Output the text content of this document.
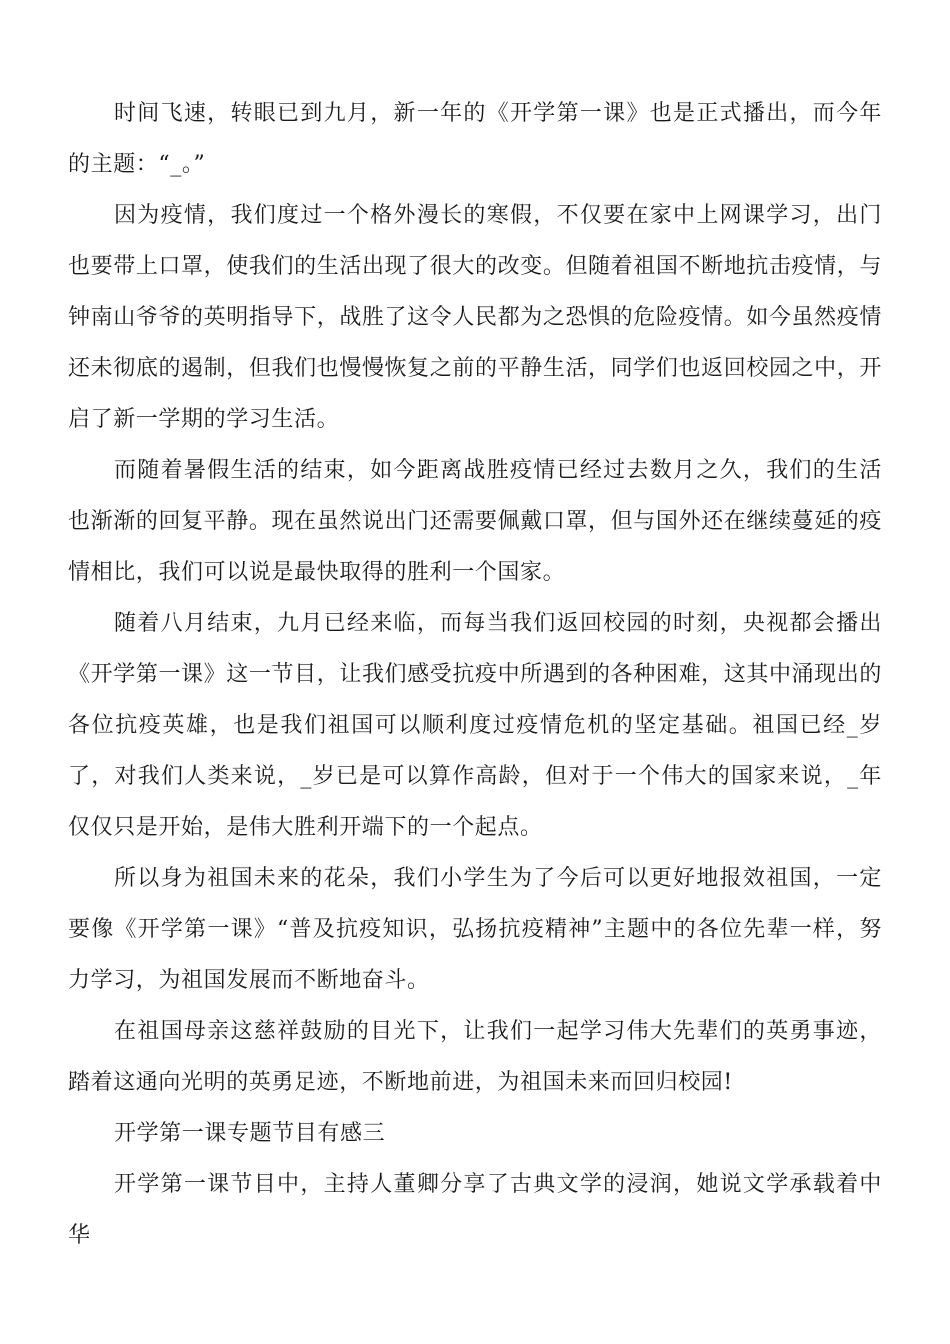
时间飞速，转眼已到九月，新一年的《开学第一课》也是正式播出，而今年的主题：“_。”

因为疫情，我们度过一个格外漫长的寒假，不仅要在家中上网课学习，出门也要带上口罩，使我们的生活出现了很大的改变。但随着祖国不断地抗击疫情，与钟南山爷爷的英明指导下，战胜了这令人民都为之恐惧的危险疫情。如今虽然疫情还未彻底的遏制，但我们也慢慢恢复之前的平静生活，同学们也返回校园之中，开启了新一学期的学习生活。

而随着暑假生活的结束，如今距离战胜疫情已经过去数月之久，我们的生活也渐渐的回复平静。现在虽然说出门还需要佩戴口罩，但与国外还在继续蔓延的疫情相比，我们可以说是最快取得的胜利一个国家。

随着八月结束，九月已经来临，而每当我们返回校园的时刻，央视都会播出《开学第一课》这一节目，让我们感受抗疫中所遇到的各种困难，这其中涌现出的各位抗疫英雄，也是我们祖国可以顺利度过疫情危机的坚定基础。祖国已经_岁了，对我们人类来说，_岁已是可以算作高龄，但对于一个伟大的国家来说，_年仅仅只是开始，是伟大胜利开端下的一个起点。

所以身为祖国未来的花朵，我们小学生为了今后可以更好地报效祖国，一定要像《开学第一课》“普及抗疫知识，弘扬抗疫精神”主题中的各位先辈一样，努力学习，为祖国发展而不断地奋斗。

在祖国母亲这慈祥鼓励的目光下，让我们一起学习伟大先辈们的英勇事迹，踏着这通向光明的英勇足迹，不断地前进，为祖国未来而回归校园!

开学第一课专题节目有感三

开学第一课节目中，主持人董卿分享了古典文学的浸润，她说文学承载着中华
